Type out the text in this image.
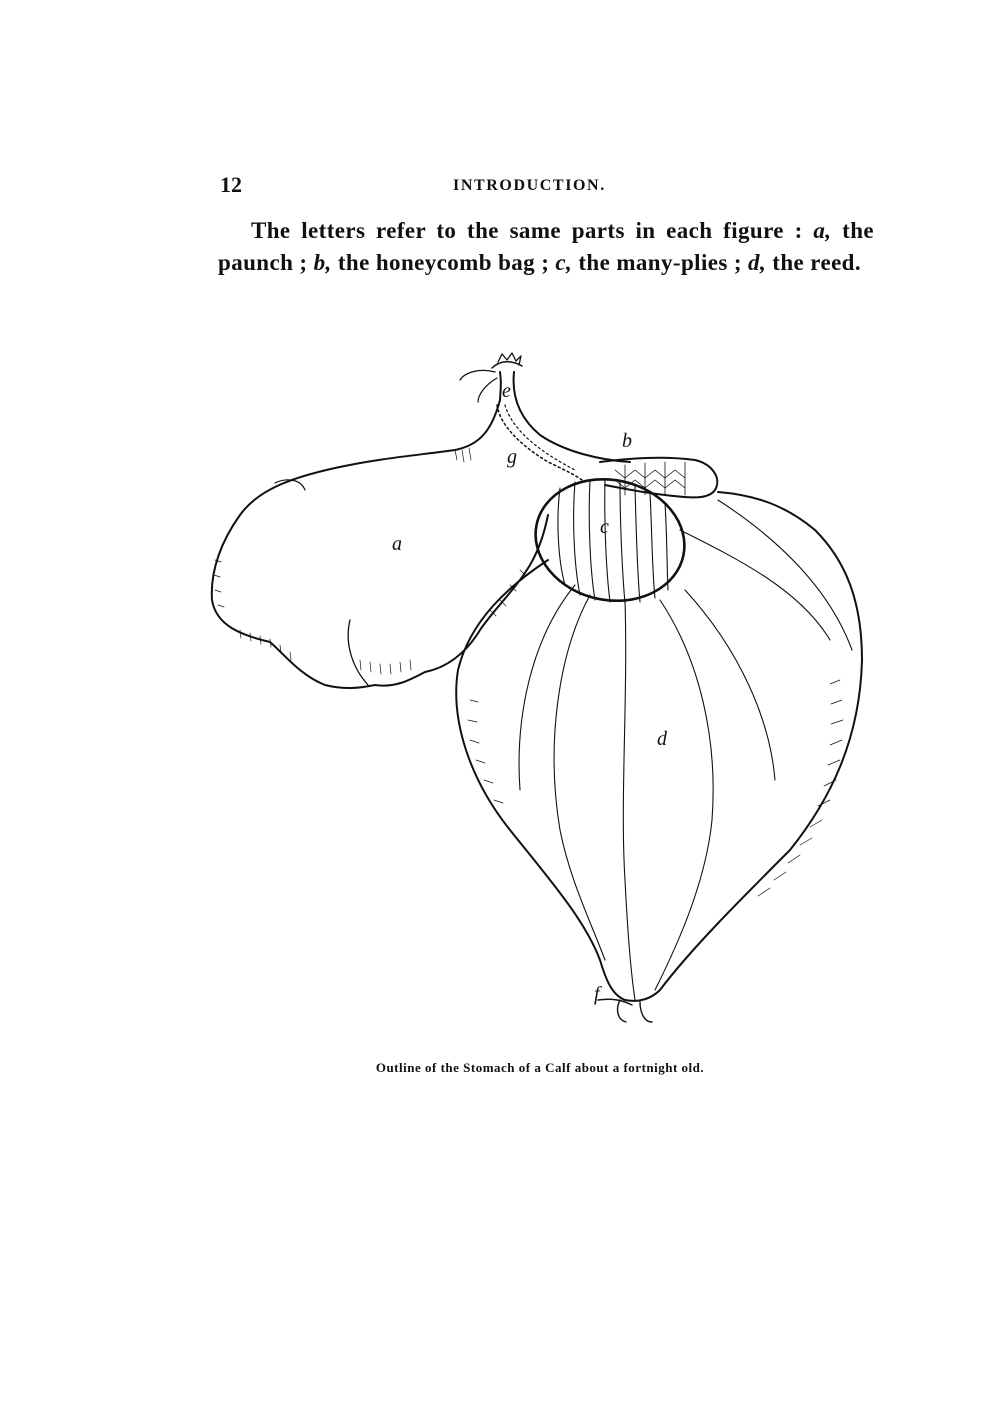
12	INTRODUCTION.

The letters refer to the same parts in each figure : a, the paunch ; b, the honeycomb bag ; c, the many-plies ; d, the reed.

a
b
c
d
e
f
g
Outline of the Stomach of a Calf about a fortnight old.
